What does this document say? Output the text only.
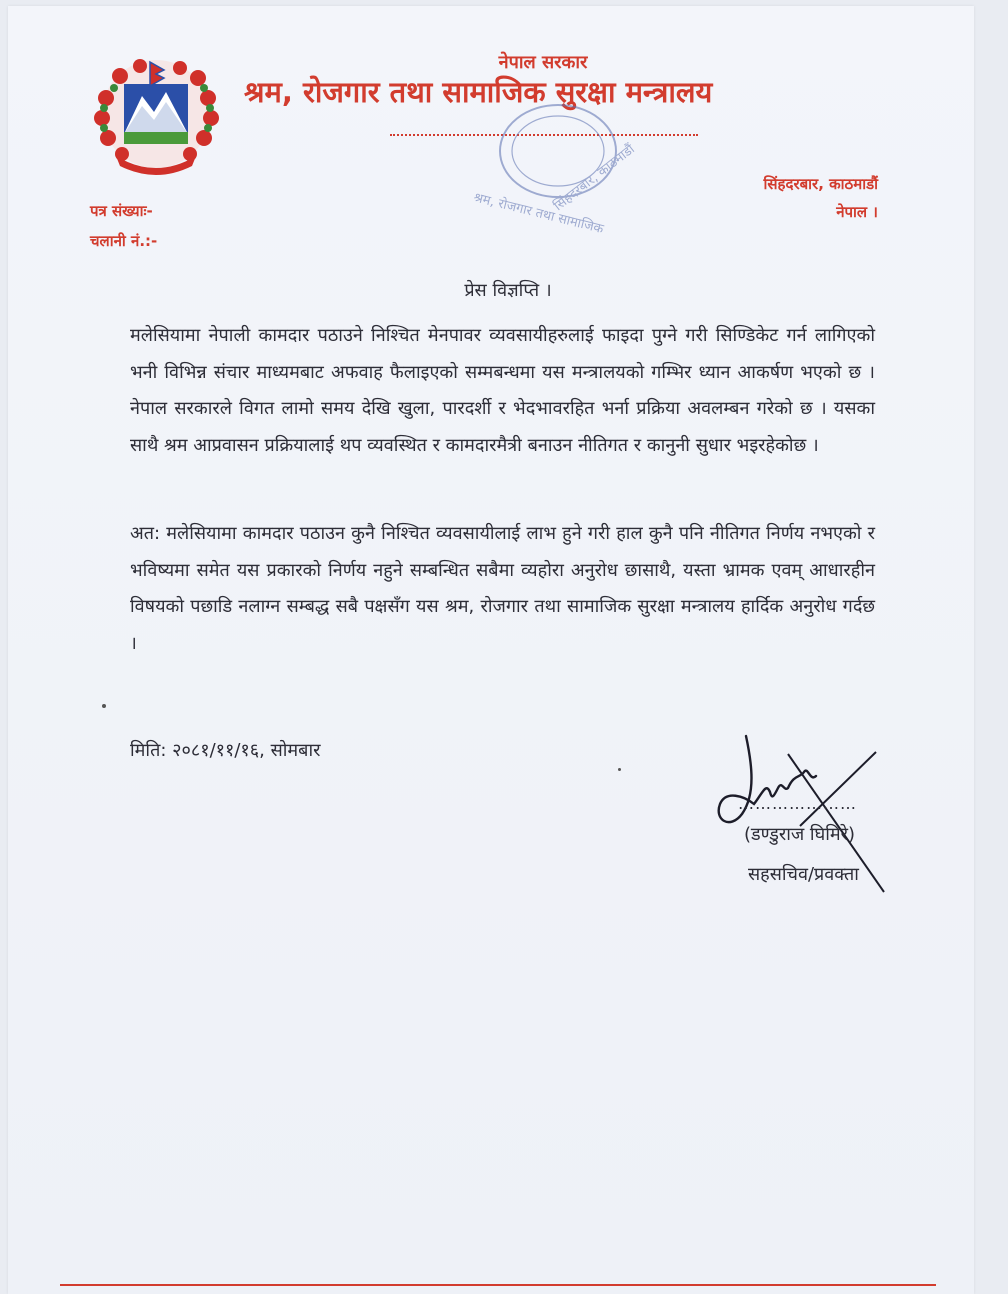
नेपाल सरकार
श्रम, रोजगार तथा सामाजिक सुरक्षा मन्त्रालय
श्रम, रोजगार तथा सामाजिक
सिंहदरबार, काठमाडौं	सिंहदरबार, काठमाडौं
नेपाल ।
पत्र संख्याः-
चलानी नं.:-
प्रेस विज्ञप्ति ।
मलेसियामा नेपाली कामदार पठाउने निश्चित मेनपावर व्यवसायीहरुलाई फाइदा पुग्ने गरी सिण्डिकेट गर्न लागिएको भनी विभिन्न संचार माध्यमबाट अफवाह फैलाइएको सम्मबन्धमा यस मन्त्रालयको गम्भिर ध्यान आकर्षण भएको छ । नेपाल सरकारले विगत लामो समय देखि खुला, पारदर्शी र भेदभावरहित भर्ना प्रक्रिया अवलम्बन गरेको छ । यसका साथै श्रम आप्रवासन प्रक्रियालाई थप व्यवस्थित र कामदारमैत्री बनाउन नीतिगत र कानुनी सुधार भइरहेकोछ ।
अत: मलेसियामा कामदार पठाउन कुनै निश्चित व्यवसायीलाई लाभ हुने गरी हाल कुनै पनि नीतिगत निर्णय नभएको र भविष्यमा समेत यस प्रकारको निर्णय नहुने सम्बन्धित सबैमा व्यहोरा अनुरोध छासाथै, यस्ता भ्रामक एवम् आधारहीन विषयको पछाडि नलाग्न सम्बद्ध सबै पक्षसँग यस श्रम, रोजगार तथा सामाजिक सुरक्षा मन्त्रालय हार्दिक अनुरोध गर्दछ ।
मिति: २०८१/११/१६, सोमबार
…………………
(डण्डुराज घिमिरे)
सहसचिव/प्रवक्ता
